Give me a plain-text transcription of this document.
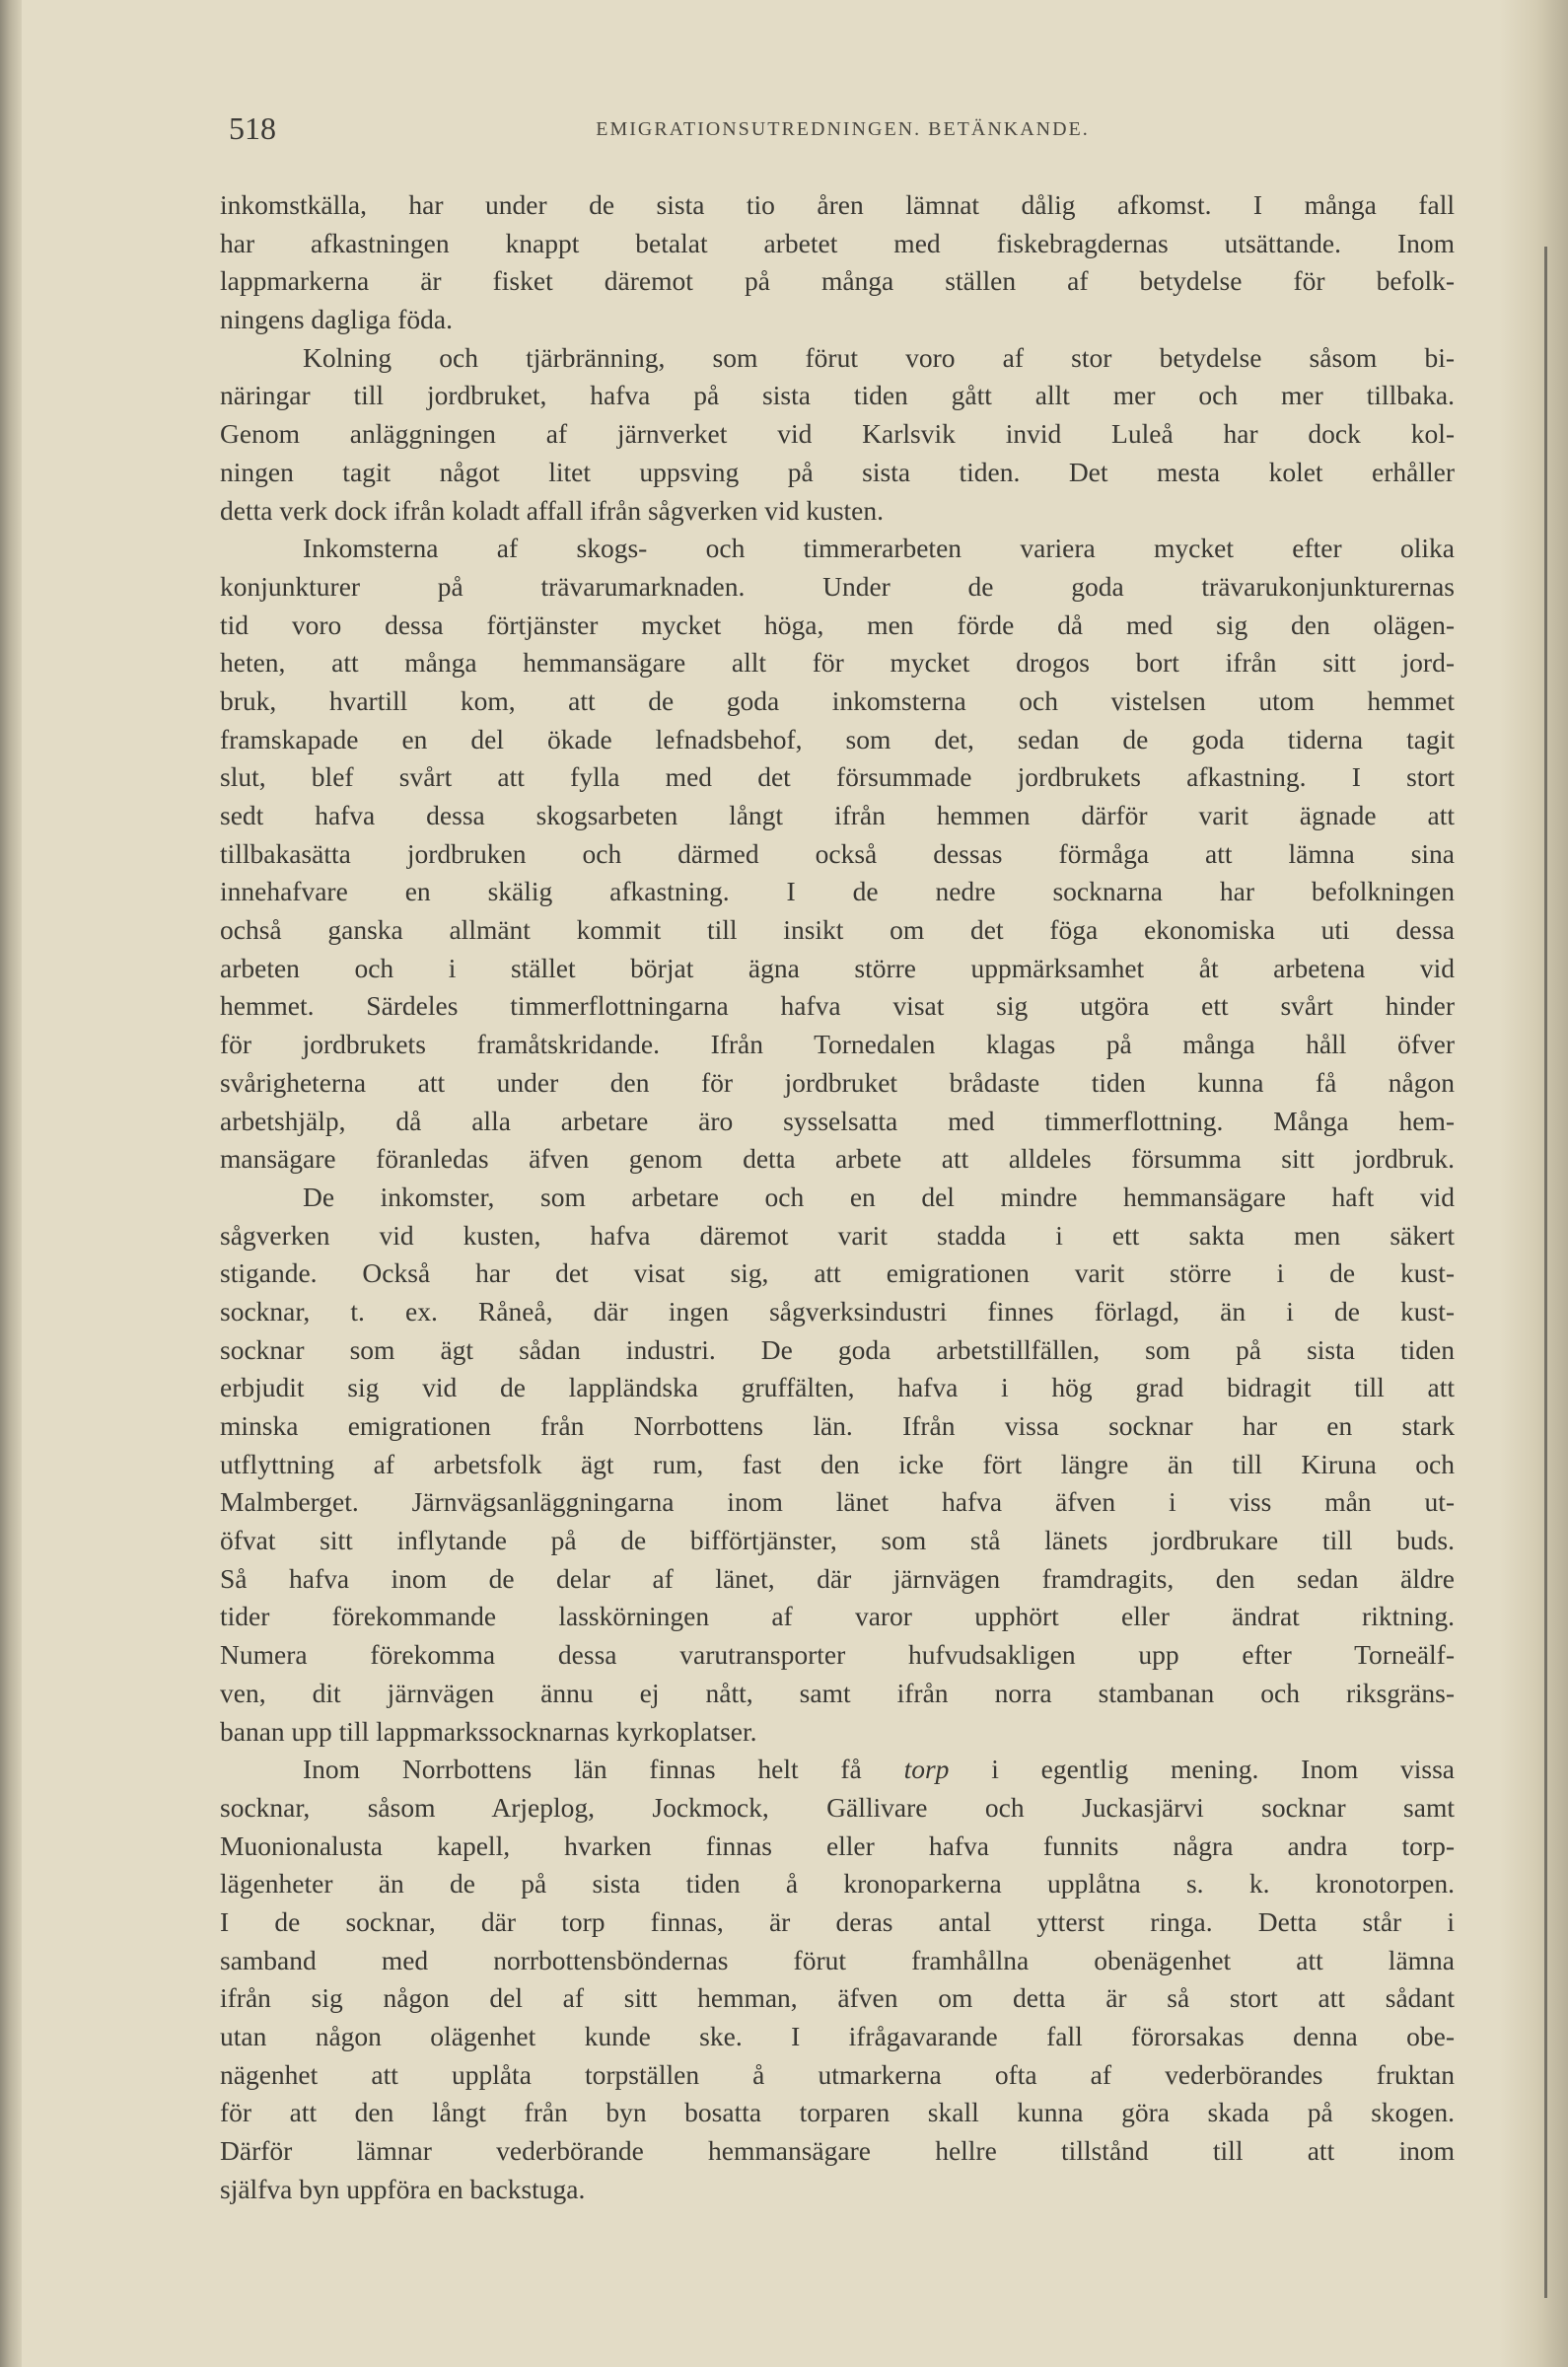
518	EMIGRATIONSUTREDNINGEN. BETÄNKANDE.
inkomstkälla, har under de sista tio åren lämnat dålig afkomst. I många fall
har afkastningen knappt betalat arbetet med fiskebragdernas utsättande. Inom
lappmarkerna är fisket däremot på många ställen af betydelse för befolk-
ningens dagliga föda.
Kolning och tjärbränning, som förut voro af stor betydelse såsom bi-
näringar till jordbruket, hafva på sista tiden gått allt mer och mer tillbaka.
Genom anläggningen af järnverket vid Karlsvik invid Luleå har dock kol-
ningen tagit något litet uppsving på sista tiden. Det mesta kolet erhåller
detta verk dock ifrån koladt affall ifrån sågverken vid kusten.
Inkomsterna af skogs- och timmerarbeten variera mycket efter olika
konjunkturer på trävarumarknaden. Under de goda trävarukonjunkturernas
tid voro dessa förtjänster mycket höga, men förde då med sig den olägen-
heten, att många hemmansägare allt för mycket drogos bort ifrån sitt jord-
bruk, hvartill kom, att de goda inkomsterna och vistelsen utom hemmet
framskapade en del ökade lefnadsbehof, som det, sedan de goda tiderna tagit
slut, blef svårt att fylla med det försummade jordbrukets afkastning. I stort
sedt hafva dessa skogsarbeten långt ifrån hemmen därför varit ägnade att
tillbakasätta jordbruken och därmed också dessas förmåga att lämna sina
innehafvare en skälig afkastning. I de nedre socknarna har befolkningen
ochså ganska allmänt kommit till insikt om det föga ekonomiska uti dessa
arbeten och i stället börjat ägna större uppmärksamhet åt arbetena vid
hemmet. Särdeles timmerflottningarna hafva visat sig utgöra ett svårt hinder
för jordbrukets framåtskridande. Ifrån Tornedalen klagas på många håll öfver
svårigheterna att under den för jordbruket brådaste tiden kunna få någon
arbetshjälp, då alla arbetare äro sysselsatta med timmerflottning. Många hem-
mansägare föranledas äfven genom detta arbete att alldeles försumma sitt jordbruk.
De inkomster, som arbetare och en del mindre hemmansägare haft vid
sågverken vid kusten, hafva däremot varit stadda i ett sakta men säkert
stigande. Också har det visat sig, att emigrationen varit större i de kust-
socknar, t. ex. Råneå, där ingen sågverksindustri finnes förlagd, än i de kust-
socknar som ägt sådan industri. De goda arbetstillfällen, som på sista tiden
erbjudit sig vid de lappländska gruffälten, hafva i hög grad bidragit till att
minska emigrationen från Norrbottens län. Ifrån vissa socknar har en stark
utflyttning af arbetsfolk ägt rum, fast den icke fört längre än till Kiruna och
Malmberget. Järnvägsanläggningarna inom länet hafva äfven i viss mån ut-
öfvat sitt inflytande på de bifförtjänster, som stå länets jordbrukare till buds.
Så hafva inom de delar af länet, där järnvägen framdragits, den sedan äldre
tider förekommande lasskörningen af varor upphört eller ändrat riktning.
Numera förekomma dessa varutransporter hufvudsakligen upp efter Torneälf-
ven, dit järnvägen ännu ej nått, samt ifrån norra stambanan och riksgräns-
banan upp till lappmarkssocknarnas kyrkoplatser.
Inom Norrbottens län finnas helt få torp i egentlig mening. Inom vissa
socknar, såsom Arjeplog, Jockmock, Gällivare och Juckasjärvi socknar samt
Muonionalusta kapell, hvarken finnas eller hafva funnits några andra torp-
lägenheter än de på sista tiden å kronoparkerna upplåtna s. k. kronotorpen.
I de socknar, där torp finnas, är deras antal ytterst ringa. Detta står i
samband med norrbottensböndernas förut framhållna obenägenhet att lämna
ifrån sig någon del af sitt hemman, äfven om detta är så stort att sådant
utan någon olägenhet kunde ske. I ifrågavarande fall förorsakas denna obe-
nägenhet att upplåta torpställen å utmarkerna ofta af vederbörandes fruktan
för att den långt från byn bosatta torparen skall kunna göra skada på skogen.
Därför lämnar vederbörande hemmansägare hellre tillstånd till att inom
själfva byn uppföra en backstuga.
